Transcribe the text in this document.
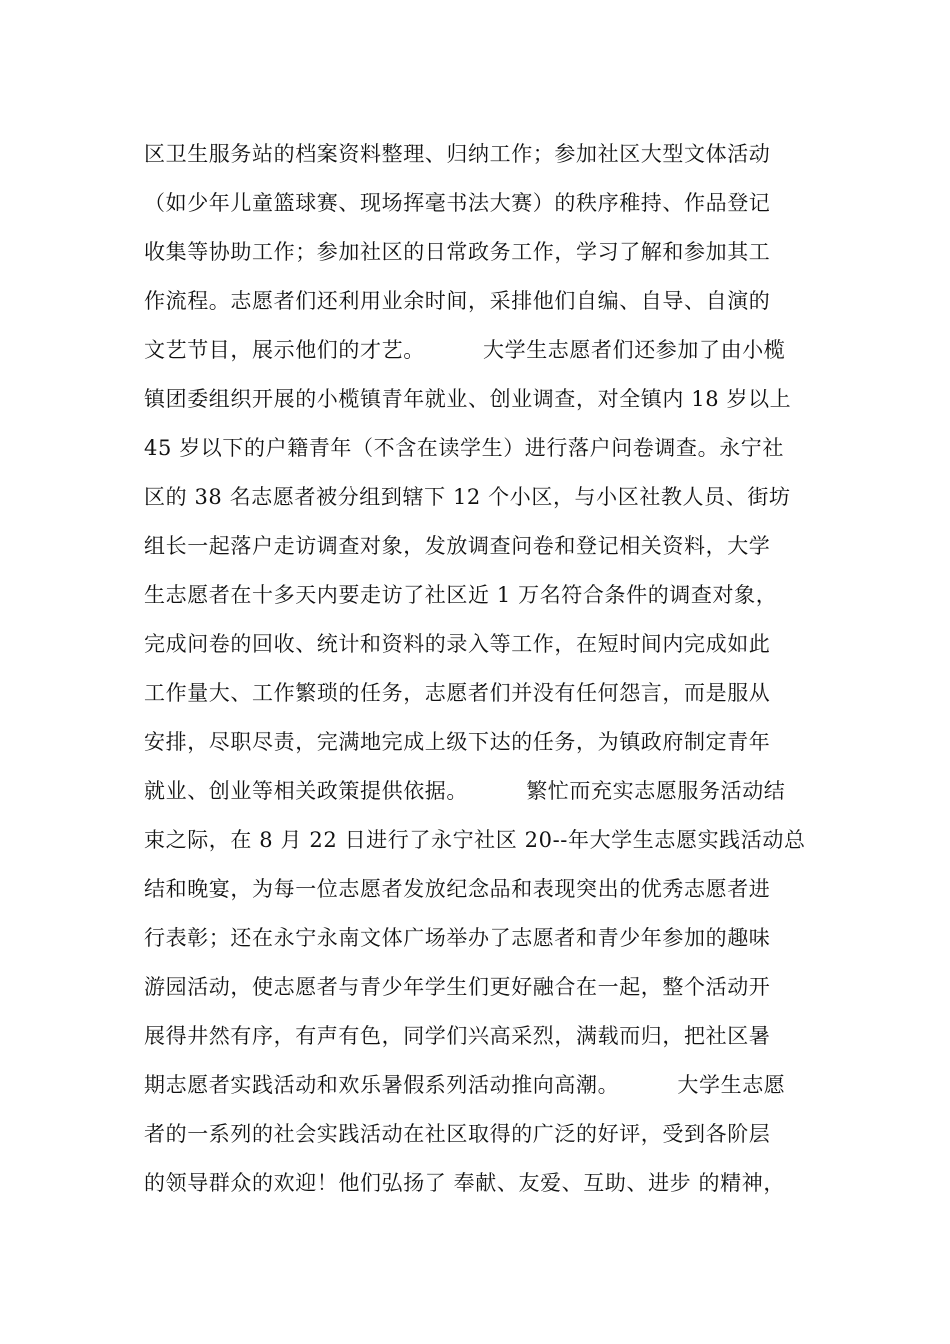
区卫生服务站的档案资料整理、归纳工作；参加社区大型文体活动
（如少年儿童篮球赛、现场挥毫书法大赛）的秩序稚持、作品登记
收集等协助工作；参加社区的日常政务工作，学习了解和参加其工
作流程。志愿者们还利用业余时间，采排他们自编、自导、自演的
文艺节目，展示他们的才艺。        大学生志愿者们还参加了由小榄
镇团委组织开展的小榄镇青年就业、创业调查，对全镇内 18 岁以上
45 岁以下的户籍青年（不含在读学生）进行落户问卷调查。永宁社
区的 38 名志愿者被分组到辖下 12 个小区，与小区社教人员、街坊
组长一起落户走访调查对象，发放调查问卷和登记相关资料，大学
生志愿者在十多天内要走访了社区近 1 万名符合条件的调查对象，
完成问卷的回收、统计和资料的录入等工作，在短时间内完成如此
工作量大、工作繁琐的任务，志愿者们并没有任何怨言，而是服从
安排，尽职尽责，完满地完成上级下达的任务，为镇政府制定青年
就业、创业等相关政策提供依据。        繁忙而充实志愿服务活动结
束之际，在 8 月 22 日进行了永宁社区 20--年大学生志愿实践活动总
结和晚宴，为每一位志愿者发放纪念品和表现突出的优秀志愿者进
行表彰；还在永宁永南文体广场举办了志愿者和青少年参加的趣味
游园活动，使志愿者与青少年学生们更好融合在一起，整个活动开
展得井然有序，有声有色，同学们兴高采烈，满载而归，把社区暑
期志愿者实践活动和欢乐暑假系列活动推向高潮。        大学生志愿
者的一系列的社会实践活动在社区取得的广泛的好评，受到各阶层
的领导群众的欢迎！他们弘扬了 奉献、友爱、互助、进步 的精神，
